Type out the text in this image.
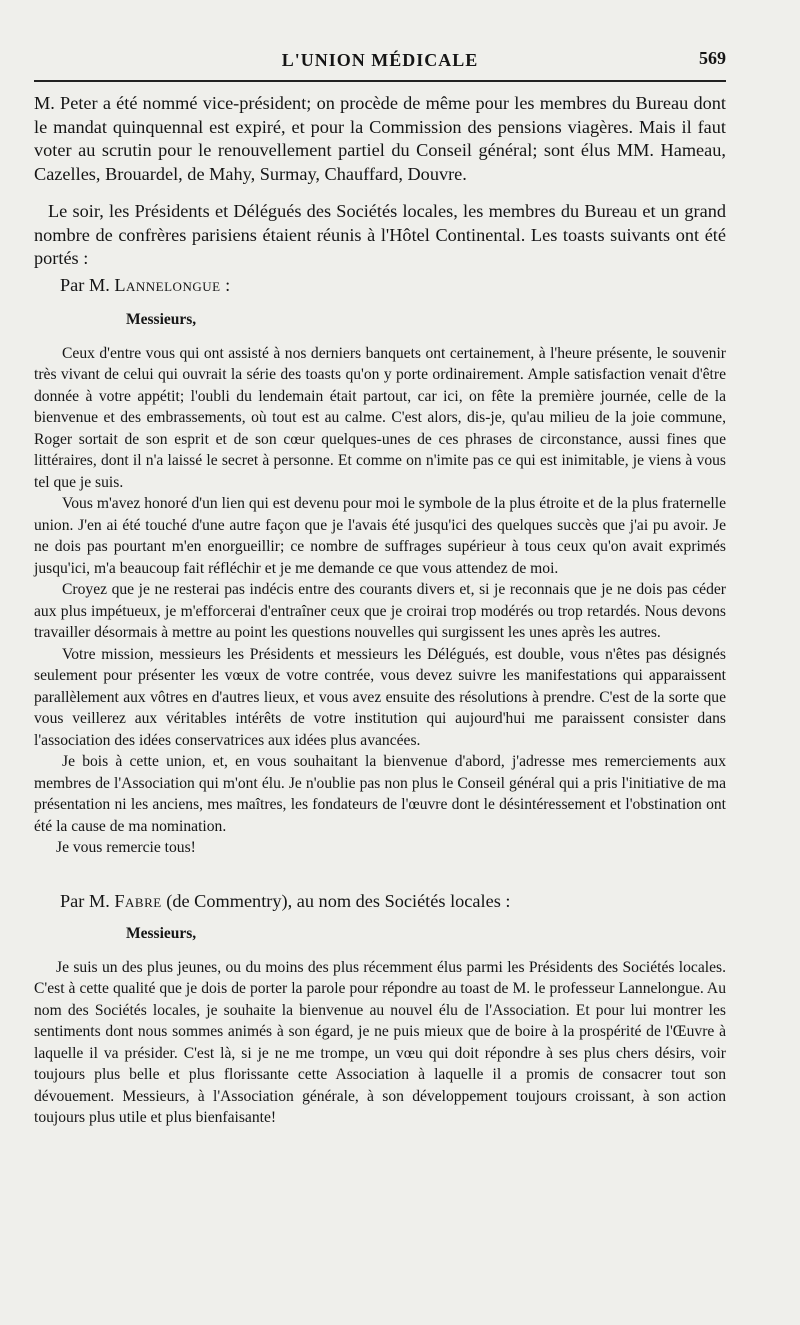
L'UNION MÉDICALE	569

M. Peter a été nommé vice-président; on procède de même pour les membres du Bureau dont le mandat quinquennal est expiré, et pour la Commission des pensions viagères. Mais il faut voter au scrutin pour le renouvellement partiel du Conseil général; sont élus MM. Hameau, Cazelles, Brouardel, de Mahy, Surmay, Chauffard, Douvre.

Le soir, les Présidents et Délégués des Sociétés locales, les membres du Bureau et un grand nombre de confrères parisiens étaient réunis à l'Hôtel Continental. Les toasts suivants ont été portés :

Par M. Lannelongue :
Messieurs,

Ceux d'entre vous qui ont assisté à nos derniers banquets ont certainement, à l'heure présente, le souvenir très vivant de celui qui ouvrait la série des toasts qu'on y porte ordinairement. Ample satisfaction venait d'être donnée à votre appétit; l'oubli du lendemain était partout, car ici, on fête la première journée, celle de la bienvenue et des embrassements, où tout est au calme. C'est alors, dis-je, qu'au milieu de la joie commune, Roger sortait de son esprit et de son cœur quelques-unes de ces phrases de circonstance, aussi fines que littéraires, dont il n'a laissé le secret à personne. Et comme on n'imite pas ce qui est inimitable, je viens à vous tel que je suis.

Vous m'avez honoré d'un lien qui est devenu pour moi le symbole de la plus étroite et de la plus fraternelle union. J'en ai été touché d'une autre façon que je l'avais été jusqu'ici des quelques succès que j'ai pu avoir. Je ne dois pas pourtant m'en enorgueillir; ce nombre de suffrages supérieur à tous ceux qu'on avait exprimés jusqu'ici, m'a beaucoup fait réfléchir et je me demande ce que vous attendez de moi.

Croyez que je ne resterai pas indécis entre des courants divers et, si je reconnais que je ne dois pas céder aux plus impétueux, je m'efforcerai d'entraîner ceux que je croirai trop modérés ou trop retardés. Nous devons travailler désormais à mettre au point les questions nouvelles qui surgissent les unes après les autres.

Votre mission, messieurs les Présidents et messieurs les Délégués, est double, vous n'êtes pas désignés seulement pour présenter les vœux de votre contrée, vous devez suivre les manifestations qui apparaissent parallèlement aux vôtres en d'autres lieux, et vous avez ensuite des résolutions à prendre. C'est de la sorte que vous veillerez aux véritables intérêts de votre institution qui aujourd'hui me paraissent consister dans l'association des idées conservatrices aux idées plus avancées.

Je bois à cette union, et, en vous souhaitant la bienvenue d'abord, j'adresse mes remerciements aux membres de l'Association qui m'ont élu. Je n'oublie pas non plus le Conseil général qui a pris l'initiative de ma présentation ni les anciens, mes maîtres, les fondateurs de l'œuvre dont le désintéressement et l'obstination ont été la cause de ma nomination.

Je vous remercie tous!

Par M. Fabre (de Commentry), au nom des Sociétés locales :
Messieurs,

Je suis un des plus jeunes, ou du moins des plus récemment élus parmi les Présidents des Sociétés locales. C'est à cette qualité que je dois de porter la parole pour répondre au toast de M. le professeur Lannelongue. Au nom des Sociétés locales, je souhaite la bienvenue au nouvel élu de l'Association. Et pour lui montrer les sentiments dont nous sommes animés à son égard, je ne puis mieux que de boire à la prospérité de l'Œuvre à laquelle il va présider. C'est là, si je ne me trompe, un vœu qui doit répondre à ses plus chers désirs, voir toujours plus belle et plus florissante cette Association à laquelle il a promis de consacrer tout son dévouement. Messieurs, à l'Association générale, à son développement toujours croissant, à son action toujours plus utile et plus bienfaisante!
